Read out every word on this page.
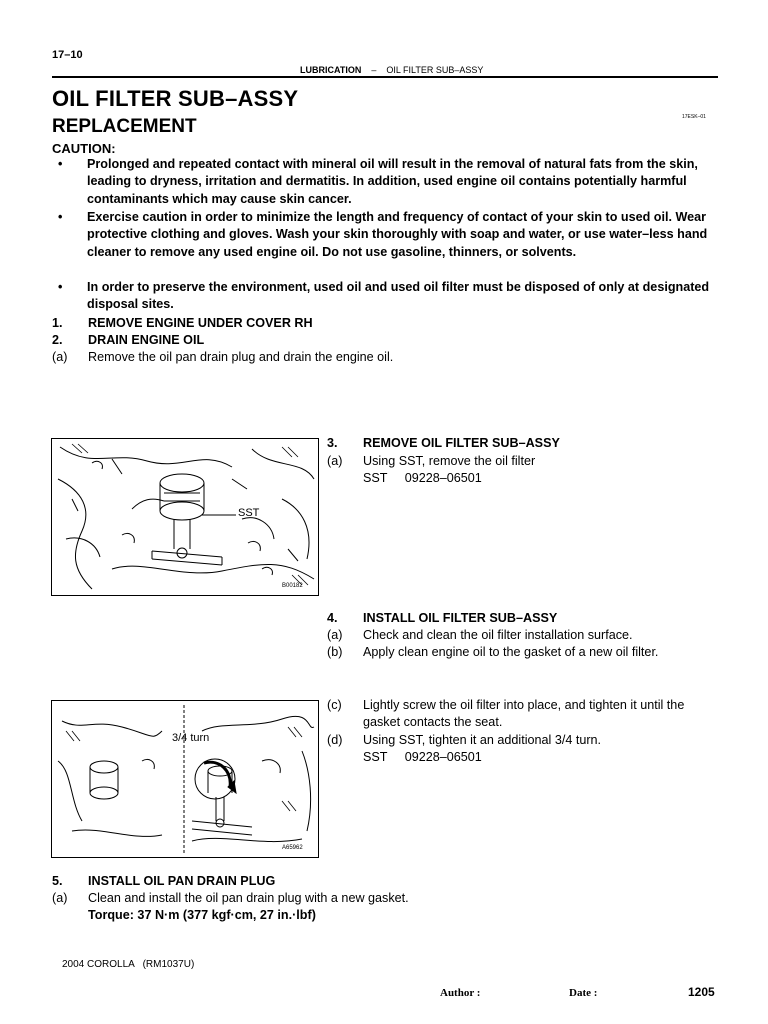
17–10
LUBRICATION – OIL FILTER SUB–ASSY
OIL FILTER SUB–ASSY
REPLACEMENT	17ESK–01
CAUTION:
• Prolonged and repeated contact with mineral oil will result in the removal of natural fats from the skin, leading to dryness, irritation and dermatitis. In addition, used engine oil contains potentially harmful contaminants which may cause skin cancer.
• Exercise caution in order to minimize the length and frequency of contact of your skin to used oil. Wear protective clothing and gloves. Wash your skin thoroughly with soap and water, or use water–less hand cleaner to remove any used engine oil. Do not use gasoline, thinners, or solvents.
• In order to preserve the environment, used oil and used oil filter must be disposed of only at designated disposal sites.
1. REMOVE ENGINE UNDER COVER RH
2. DRAIN ENGINE OIL
(a) Remove the oil pan drain plug and drain the engine oil.
SST
B00182
3. REMOVE OIL FILTER SUB–ASSY
(a) Using SST, remove the oil filter
SST     09228–06501
4. INSTALL OIL FILTER SUB–ASSY
(a) Check and clean the oil filter installation surface.
(b) Apply clean engine oil to the gasket of a new oil filter.
(c) Lightly screw the oil filter into place, and tighten it until the
gasket contacts the seat.
(d) Using SST, tighten it an additional 3/4 turn.
SST     09228–06501
3/4 turn
A65962
5. INSTALL OIL PAN DRAIN PLUG
(a) Clean and install the oil pan drain plug with a new gasket.
Torque: 37 N·m (377 kgf·cm, 27 in.·lbf)
2004 COROLLA   (RM1037U)
Author :	Date :	1205
